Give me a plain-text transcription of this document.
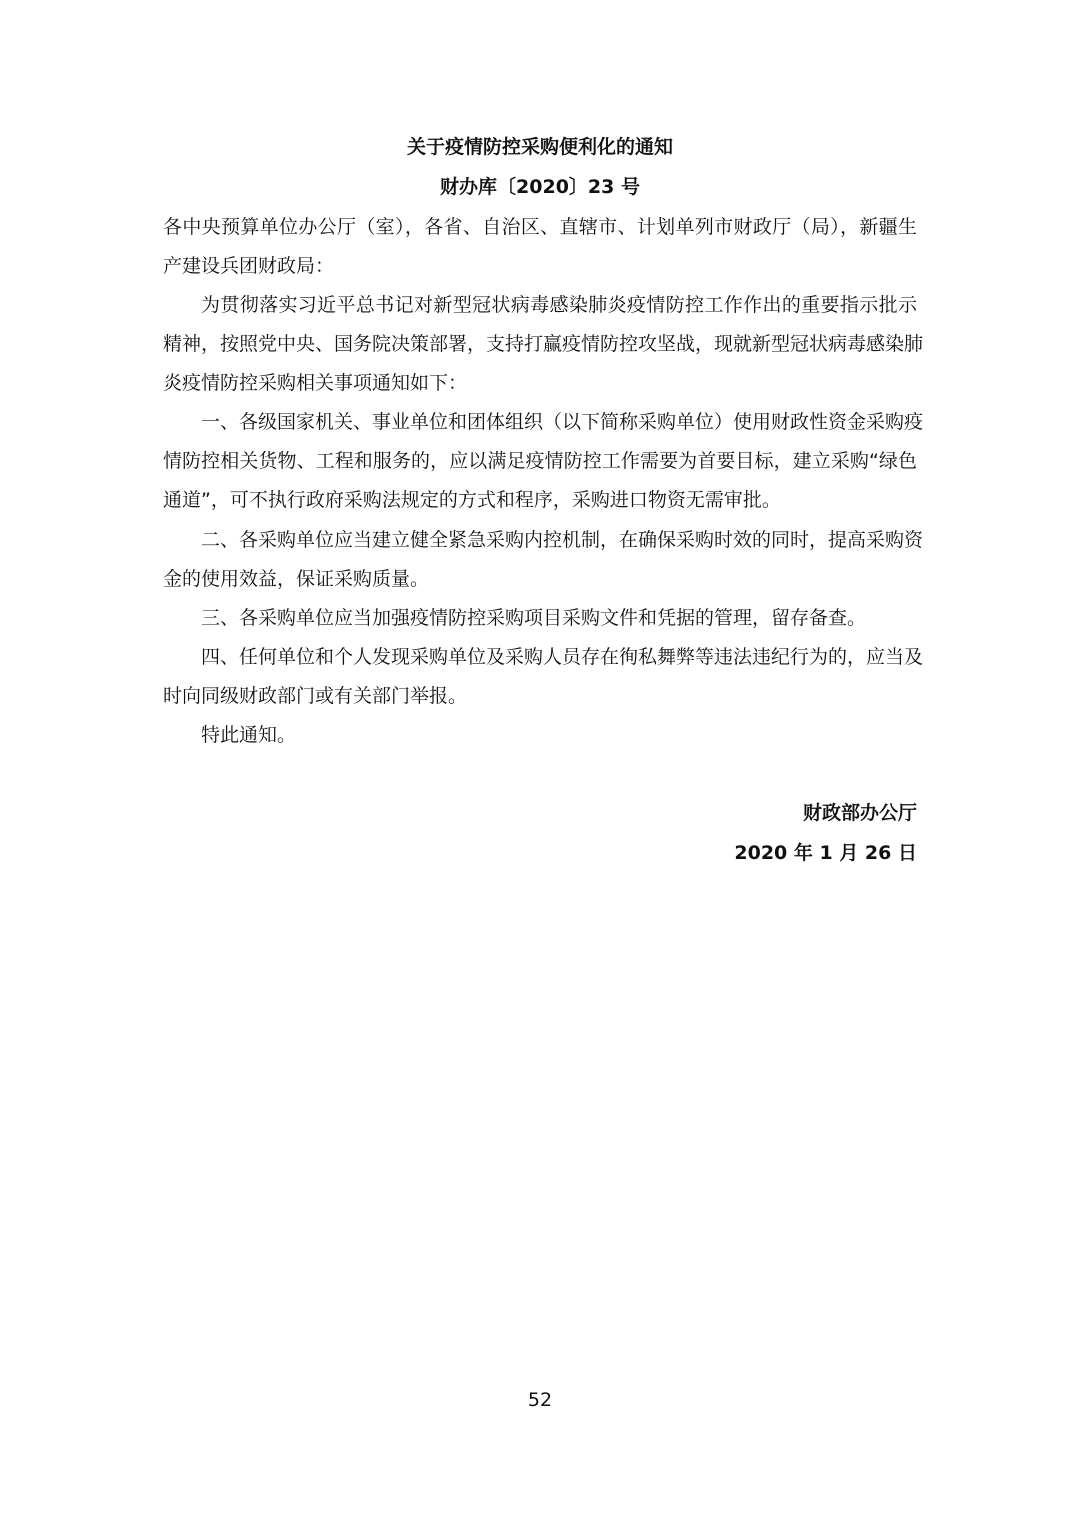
关于疫情防控采购便利化的通知

财办库〔2020〕23 号

各中央预算单位办公厅（室），各省、自治区、直辖市、计划单列市财政厅（局），新疆生

产建设兵团财政局：

为贯彻落实习近平总书记对新型冠状病毒感染肺炎疫情防控工作作出的重要指示批示

精神，按照党中央、国务院决策部署，支持打赢疫情防控攻坚战，现就新型冠状病毒感染肺

炎疫情防控采购相关事项通知如下：

一、各级国家机关、事业单位和团体组织（以下简称采购单位）使用财政性资金采购疫

情防控相关货物、工程和服务的，应以满足疫情防控工作需要为首要目标，建立采购“绿色

通道”，可不执行政府采购法规定的方式和程序，采购进口物资无需审批。

二、各采购单位应当建立健全紧急采购内控机制，在确保采购时效的同时，提高采购资

金的使用效益，保证采购质量。

三、各采购单位应当加强疫情防控采购项目采购文件和凭据的管理，留存备查。

四、任何单位和个人发现采购单位及采购人员存在徇私舞弊等违法违纪行为的，应当及

时向同级财政部门或有关部门举报。

特此通知。

财政部办公厅

2020 年 1 月 26 日

52
